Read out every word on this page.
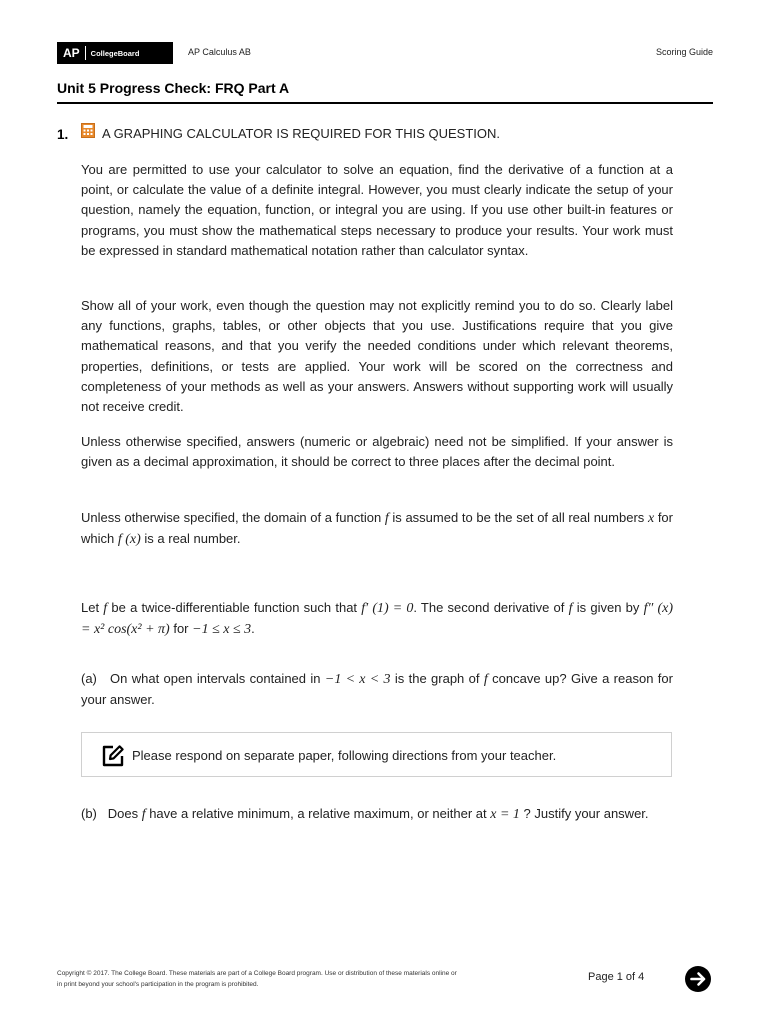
AP CollegeBoard	AP Calculus AB	Scoring Guide
Unit 5 Progress Check: FRQ Part A
1.	A GRAPHING CALCULATOR IS REQUIRED FOR THIS QUESTION.
You are permitted to use your calculator to solve an equation, find the derivative of a function at a point, or calculate the value of a definite integral. However, you must clearly indicate the setup of your question, namely the equation, function, or integral you are using. If you use other built-in features or programs, you must show the mathematical steps necessary to produce your results. Your work must be expressed in standard mathematical notation rather than calculator syntax.
Show all of your work, even though the question may not explicitly remind you to do so. Clearly label any functions, graphs, tables, or other objects that you use. Justifications require that you give mathematical reasons, and that you verify the needed conditions under which relevant theorems, properties, definitions, or tests are applied. Your work will be scored on the correctness and completeness of your methods as well as your answers. Answers without supporting work will usually not receive credit.
Unless otherwise specified, answers (numeric or algebraic) need not be simplified. If your answer is given as a decimal approximation, it should be correct to three places after the decimal point.
Unless otherwise specified, the domain of a function f is assumed to be the set of all real numbers x for which f (x) is a real number.
Let f be a twice-differentiable function such that f′ (1) = 0. The second derivative of f is given by f″ (x) = x² cos(x² + π) for −1 ≤ x ≤ 3.
(a) On what open intervals contained in −1 < x < 3 is the graph of f concave up? Give a reason for your answer.
Please respond on separate paper, following directions from your teacher.
(b) Does f have a relative minimum, a relative maximum, or neither at x = 1 ? Justify your answer.
Copyright © 2017. The College Board. These materials are part of a College Board program. Use or distribution of these materials online or
in print beyond your school's participation in the program is prohibited.
Page 1 of 4
